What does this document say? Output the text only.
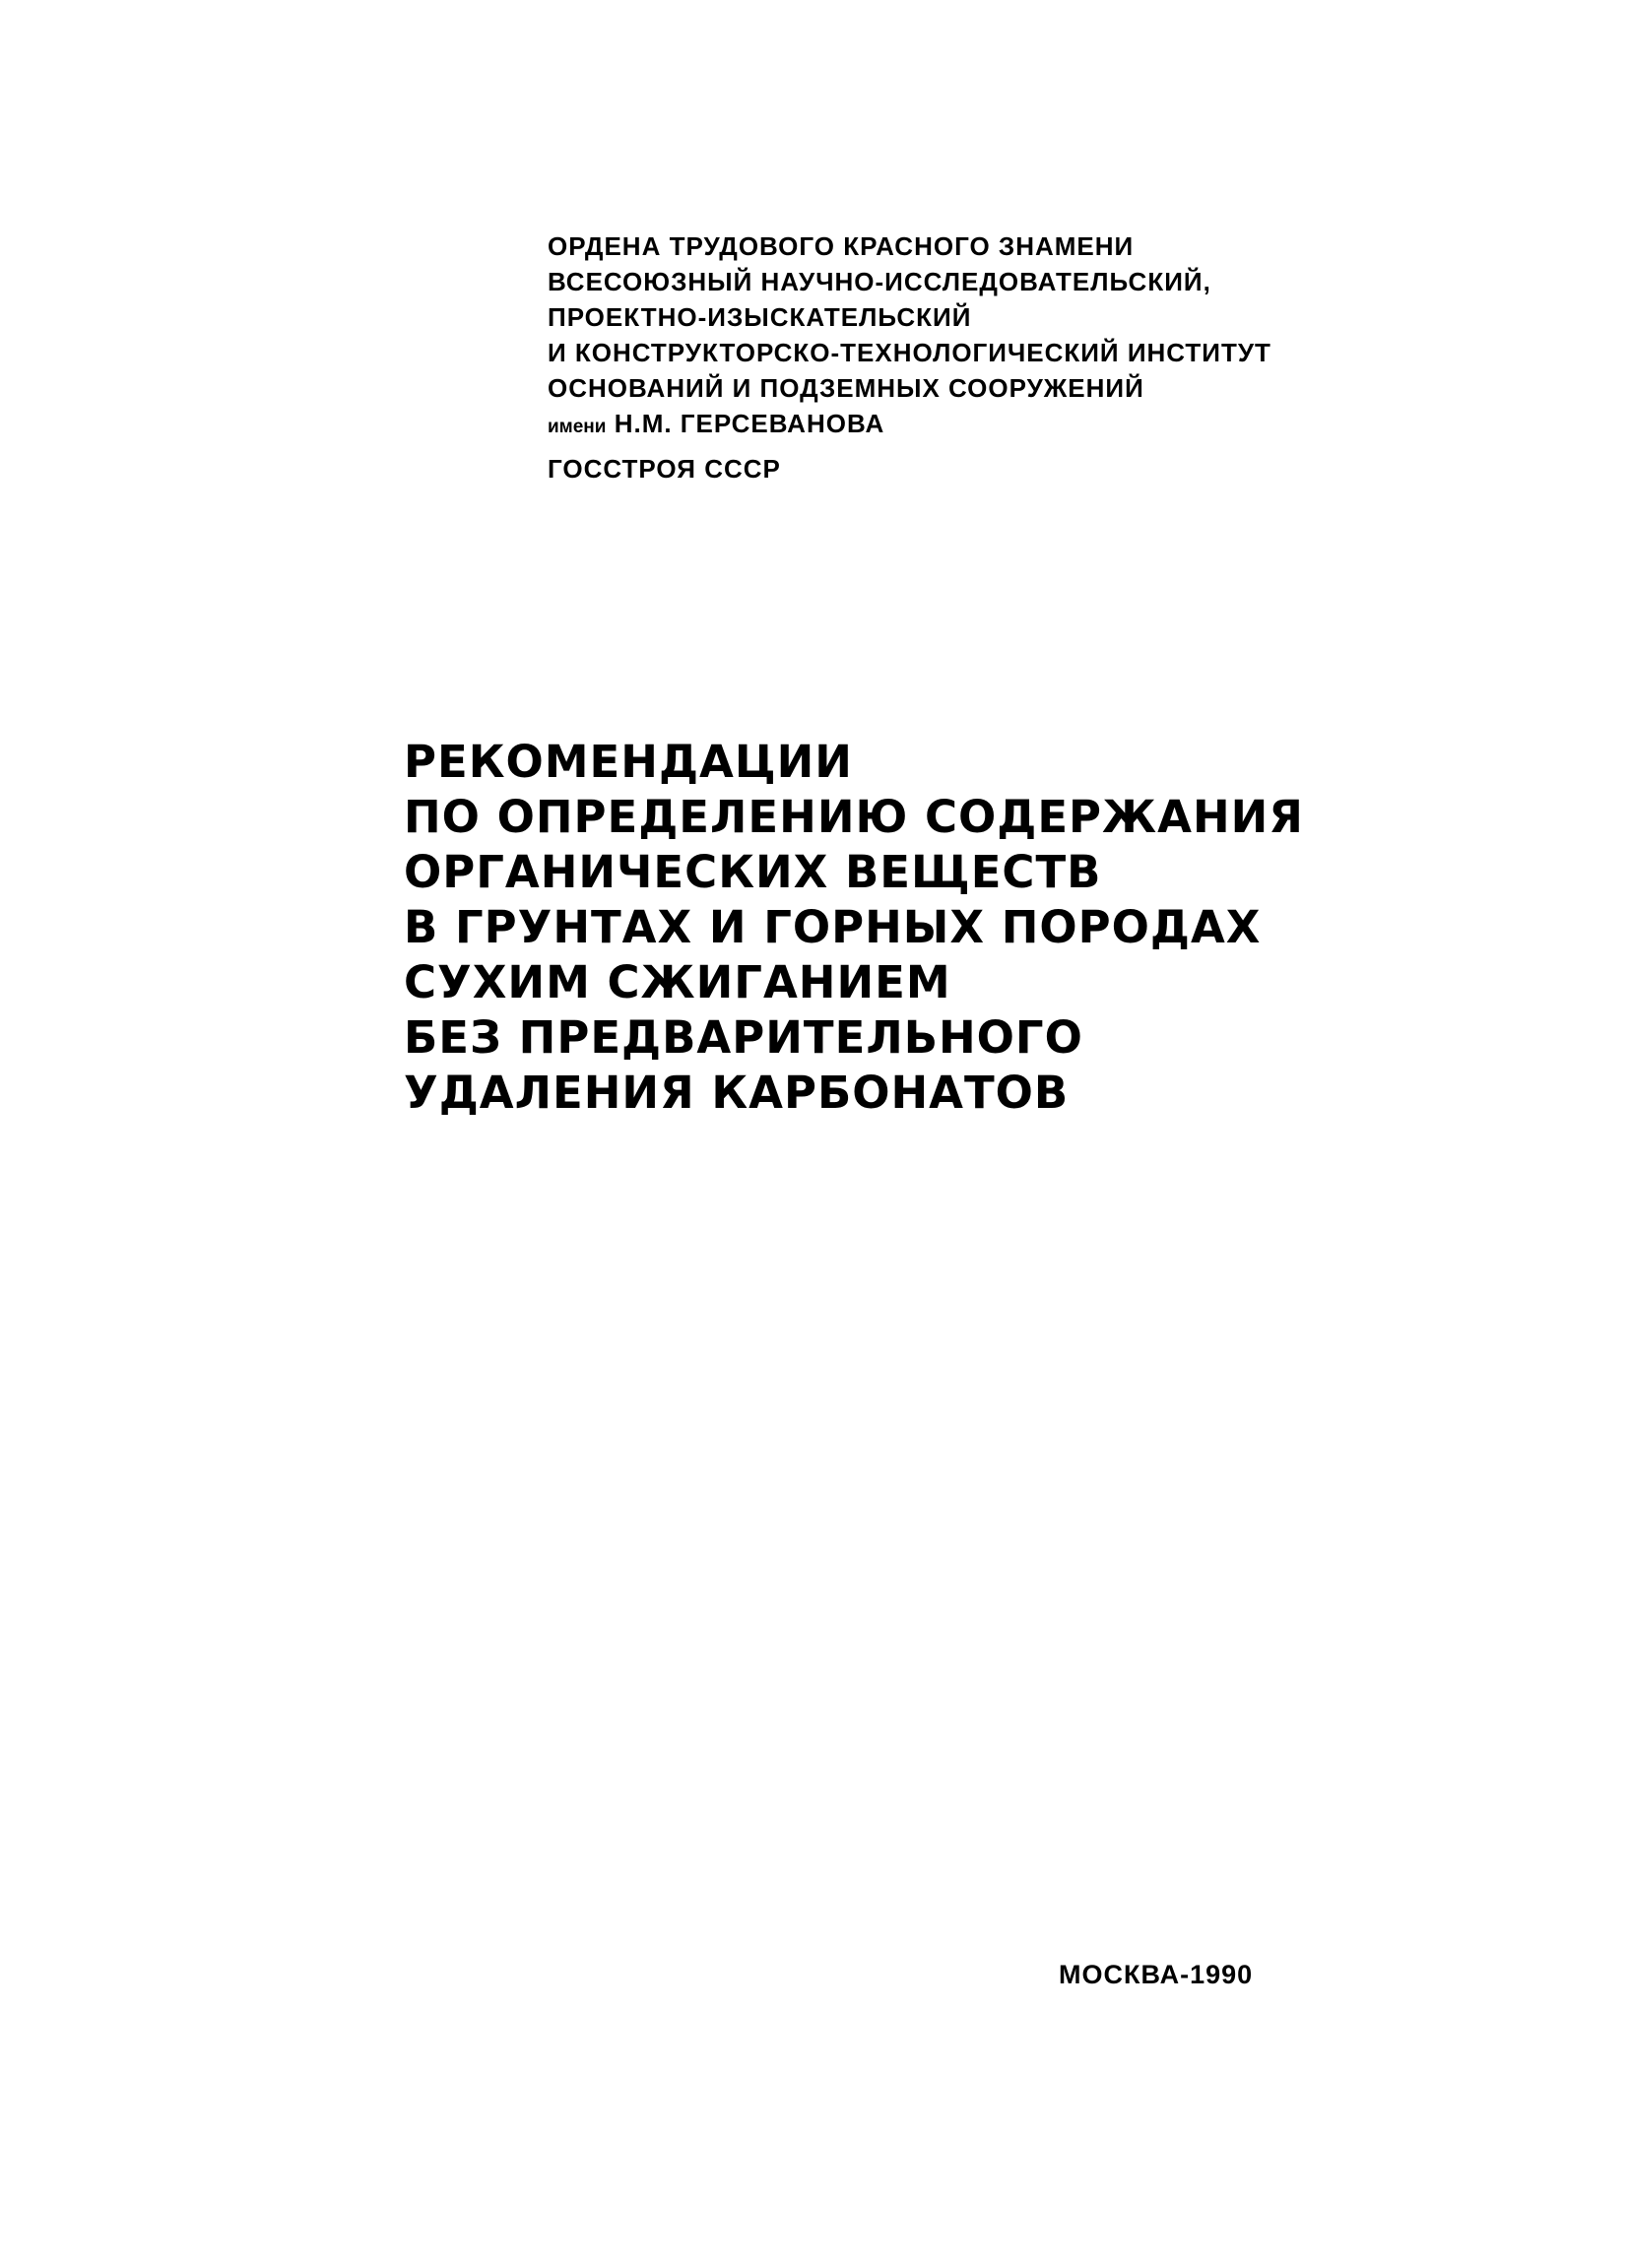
ОРДЕНА ТРУДОВОГО КРАСНОГО ЗНАМЕНИ
ВСЕСОЮЗНЫЙ НАУЧНО-ИССЛЕДОВАТЕЛЬСКИЙ,
ПРОЕКТНО-ИЗЫСКАТЕЛЬСКИЙ
И КОНСТРУКТОРСКО-ТЕХНОЛОГИЧЕСКИЙ ИНСТИТУТ
ОСНОВАНИЙ И ПОДЗЕМНЫХ СООРУЖЕНИЙ
имени Н.М. ГЕРСЕВАНОВА
ГОССТРОЯ СССР
РЕКОМЕНДАЦИИ
ПО ОПРЕДЕЛЕНИЮ СОДЕРЖАНИЯ
ОРГАНИЧЕСКИХ ВЕЩЕСТВ
В ГРУНТАХ И ГОРНЫХ ПОРОДАХ
СУХИМ СЖИГАНИЕМ
БЕЗ ПРЕДВАРИТЕЛЬНОГО
УДАЛЕНИЯ КАРБОНАТОВ
МОСКВА-1990
